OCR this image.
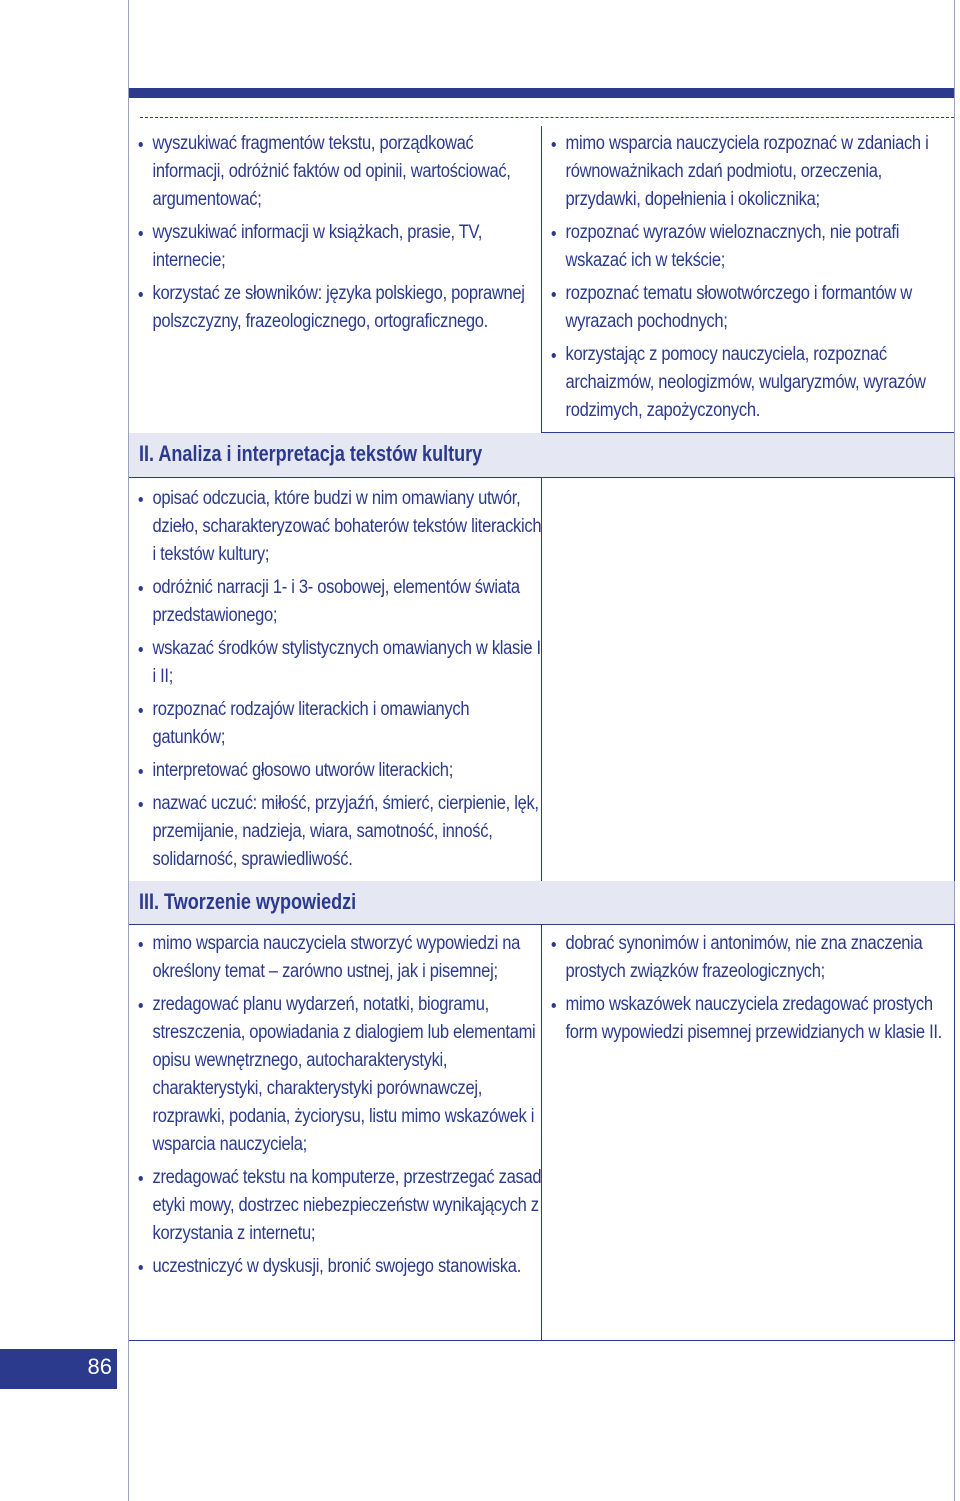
wyszukiwać fragmentów tekstu, porządkować informacji, odróżnić faktów od opinii, wartościować, argumentować;
wyszukiwać informacji w książkach, prasie, TV, internecie;
korzystać ze słowników: języka polskiego, poprawnej polszczyzny, frazeologicznego, ortograficznego.
mimo wsparcia nauczyciela rozpoznać w zdaniach i równoważnikach zdań podmiotu, orzeczenia, przydawki, dopełnienia i okolicznika;
rozpoznać wyrazów wieloznacznych, nie potrafi wskazać ich w tekście;
rozpoznać tematu słowotwórczego i formantów w wyrazach pochodnych;
korzystając z pomocy nauczyciela, rozpoznać archaizmów, neologizmów, wulgaryzmów, wyrazów rodzimych, zapożyczonych.
II. Analiza i interpretacja tekstów kultury
opisać odczucia, które budzi w nim omawiany utwór, dzieło, scharakteryzować bohaterów tekstów literackich i tekstów kultury;
odróżnić narracji 1- i 3- osobowej, elementów świata przedstawionego;
wskazać środków stylistycznych omawianych w klasie I i II;
rozpoznać rodzajów literackich i omawianych gatunków;
interpretować głosowo utworów literackich;
nazwać uczuć: miłość, przyjaźń, śmierć, cierpienie, lęk, przemijanie, nadzieja, wiara, samotność, inność, solidarność, sprawiedliwość.
III. Tworzenie wypowiedzi
mimo wsparcia nauczyciela stworzyć wypowiedzi na określony temat – zarówno ustnej, jak i pisemnej;
zredagować planu wydarzeń, notatki, biogramu, streszczenia, opowiadania z dialogiem lub elementami opisu wewnętrznego, autocharakterystyki, charakterystyki, charakterystyki porównawczej, rozprawki, podania, życiorysu, listu mimo wskazówek i wsparcia nauczyciela;
zredagować tekstu na komputerze, przestrzegać zasad etyki mowy, dostrzec niebezpieczeństw wynikających z korzystania z internetu;
uczestniczyć w dyskusji, bronić swojego stanowiska.
dobrać synonimów i antonimów, nie zna znaczenia prostych związków frazeologicznych;
mimo wskazówek nauczyciela zredagować prostych form wypowiedzi pisemnej przewidzianych w klasie II.
86
